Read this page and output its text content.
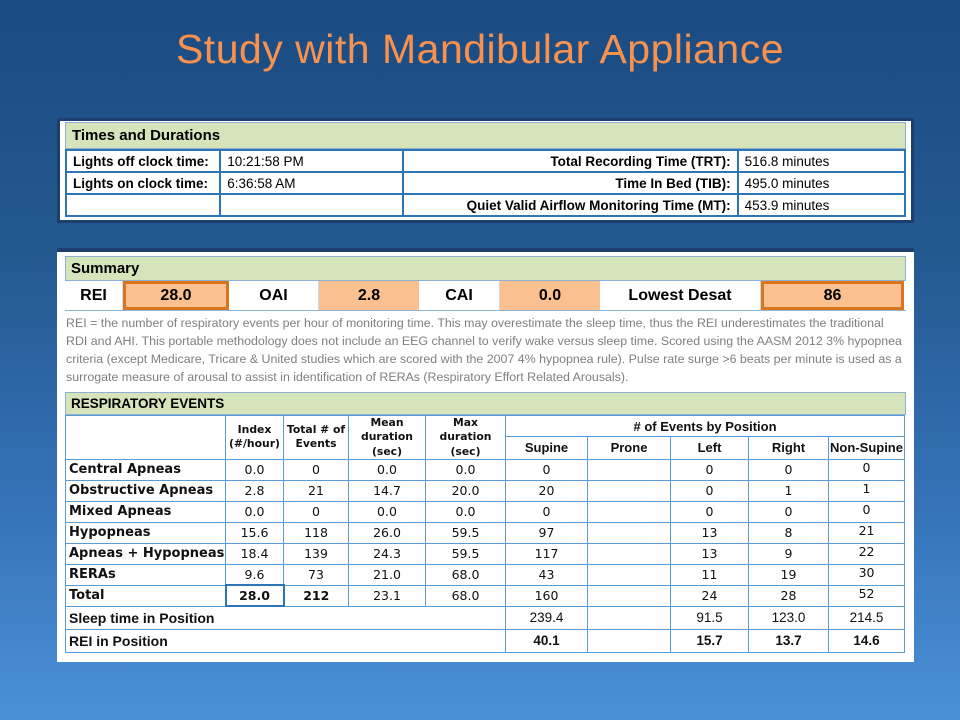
Study with Mandibular Appliance
Times and Durations
Lights off clock time:	10:21:58 PM	Total Recording Time (TRT):	516.8 minutes
Lights on clock time:	6:36:58 AM	Time In Bed (TIB):	495.0 minutes
		Quiet Valid Airflow Monitoring Time (MT):	453.9 minutes
Summary
REI	28.0	OAI	2.8	CAI	0.0	Lowest Desat	86

REI = the number of respiratory events per hour of monitoring time. This may overestimate the sleep time, thus the REI underestimates the traditional RDI and AHI. This portable methodology does not include an EEG channel to verify wake versus sleep time. Scored using the AASM 2012 3% hypopnea criteria (except Medicare, Tricare & United studies which are scored with the 2007 4% hypopnea rule). Pulse rate surge >6 beats per minute is used as a surrogate measure of arousal to assist in identification of RERAs (Respiratory Effort Related Arousals).

RESPIRATORY EVENTS
	Index (#/hour)	Total # of Events	Mean duration (sec)	Max duration (sec)	# of Events by Position				
					Supine	Prone	Left	Right	Non-Supine
Central Apneas	0.0	0	0.0	0.0	0		0	0	0
Obstructive Apneas	2.8	21	14.7	20.0	20		0	1	1
Mixed Apneas	0.0	0	0.0	0.0	0		0	0	0
Hypopneas	15.6	118	26.0	59.5	97		13	8	21
Apneas + Hypopneas	18.4	139	24.3	59.5	117		13	9	22
RERAs	9.6	73	21.0	68.0	43		11	19	30
Total	28.0	212	23.1	68.0	160		24	28	52
Sleep time in Position					239.4		91.5	123.0	214.5
REI in Position					40.1		15.7	13.7	14.6
